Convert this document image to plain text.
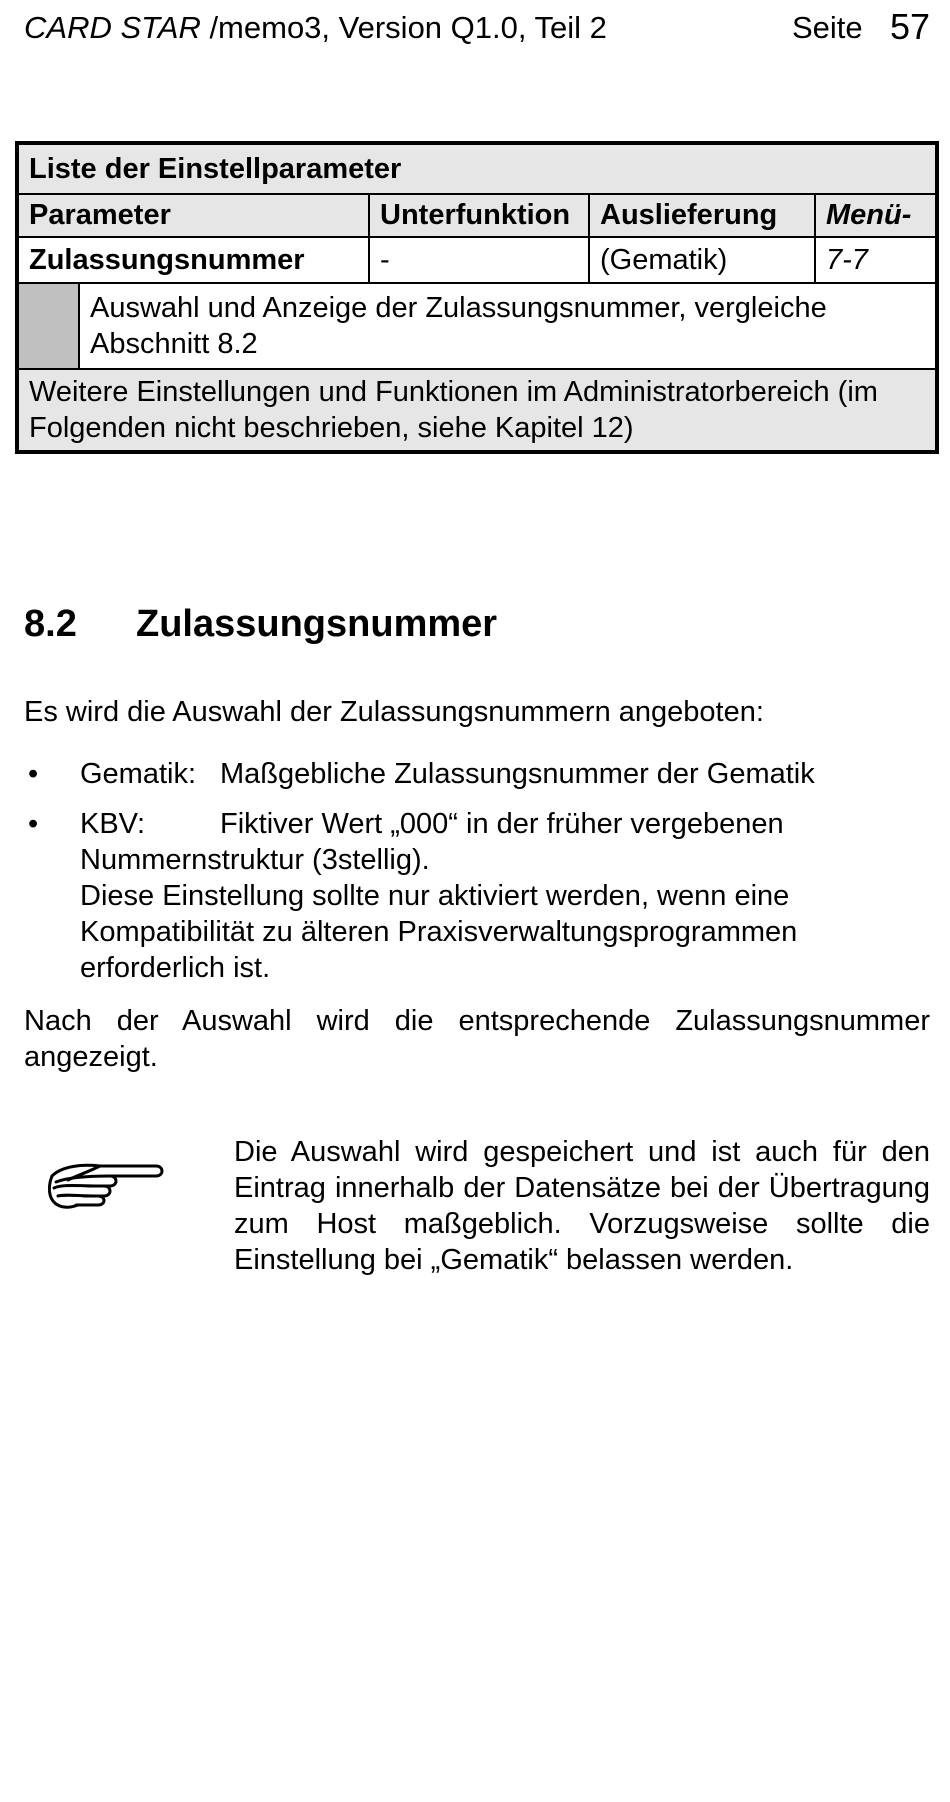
CARD STAR /memo3, Version Q1.0, Teil 2	Seite 57
Liste der Einstellparameter				
Parameter		Unterfunktion	Auslieferung	Menü-
Zulassungsnummer		-	(Gematik)	7-7
	Auswahl und Anzeige der Zulassungsnummer, vergleiche Abschnitt 8.2			
Weitere Einstellungen und Funktionen im Administratorbereich (im Folgenden nicht beschrieben, siehe Kapitel 12)				
8.2 Zulassungsnummer
Es wird die Auswahl der Zulassungsnummern angeboten:
• Gematik: Maßgebliche Zulassungsnummer der Gematik
• KBV:	Fiktiver Wert „000“ in der früher vergebenen Nummernstruktur (3stellig).
Diese Einstellung sollte nur aktiviert werden, wenn eine Kompatibilität zu älteren Praxisverwaltungsprogrammen erforderlich ist.
Nach der Auswahl wird die entsprechende Zulassungsnummer angezeigt.

Die Auswahl wird gespeichert und ist auch für den Eintrag innerhalb der Datensätze bei der Übertragung zum Host maßgeblich. Vorzugsweise sollte die Einstellung bei „Gematik“ belassen werden.
